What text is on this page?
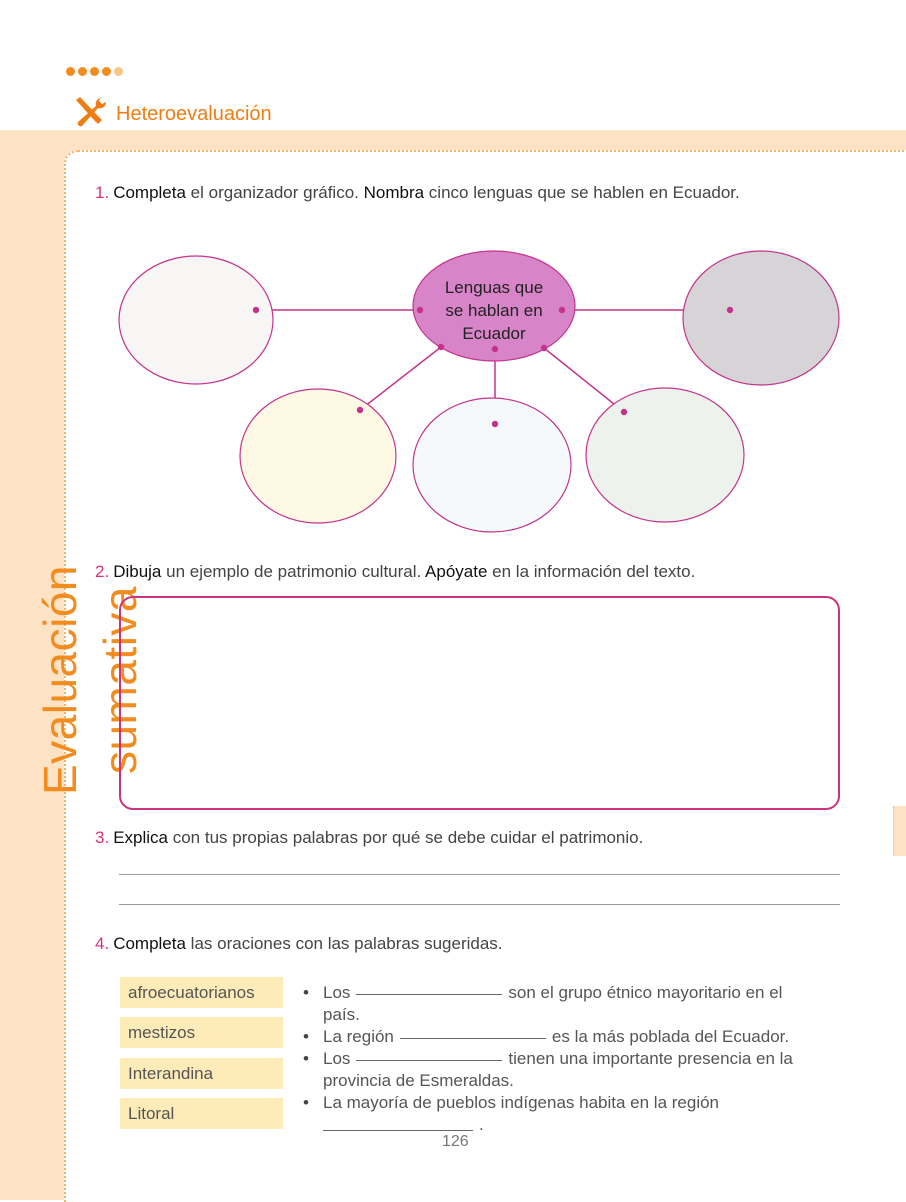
Heteroevaluación
Evaluación sumativa
1. Completa el organizador gráfico. Nombra cinco lenguas que se hablen en Ecuador.
Lenguas que
se hablan en
Ecuador
2. Dibuja un ejemplo de patrimonio cultural. Apóyate en la información del texto.
3. Explica con tus propias palabras por qué se debe cuidar el patrimonio.
4. Completa las oraciones con las palabras sugeridas.
afroecuatorianos
mestizos
Interandina
Litoral
• Los	son el grupo étnico mayoritario en el
país.
• La región	es la más poblada del Ecuador.
• Los	tienen una importante presencia en la
provincia de Esmeraldas.
• La mayoría de pueblos indígenas habita en la región
.
126
